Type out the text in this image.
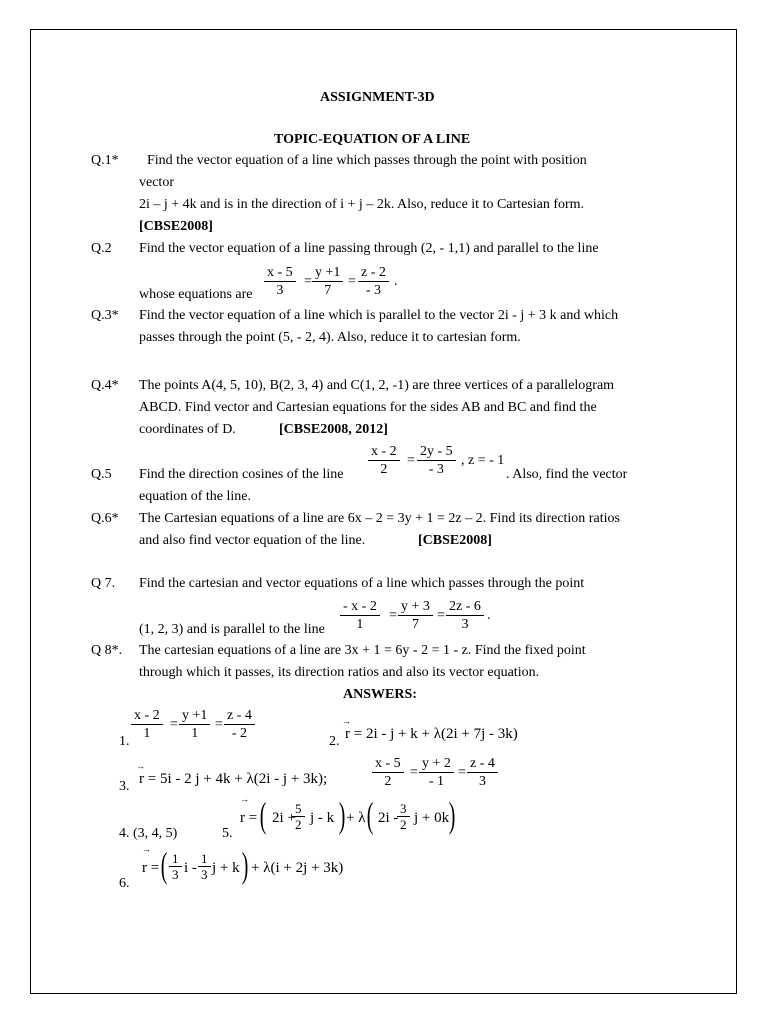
ASSIGNMENT-3D
TOPIC-EQUATION OF A LINE
Q.1* Find the vector equation of a line which passes through the point with position
vector
2i – j + 4k and is in the direction of i + j – 2k. Also, reduce it to Cartesian form.
[CBSE2008]
Q.2 Find the vector equation of a line passing through (2, - 1,1) and parallel to the line
$\frac{x - 5}{3} = \frac{y +1}{7} = \frac{z - 2}{- 3}$ .
whose equations are
Q.3* Find the vector equation of a line which is parallel to the vector 2i - j + 3 k and which
passes through the point (5, - 2, 4). Also, reduce it to cartesian form.
Q.4* The points A(4, 5, 10), B(2, 3, 4) and C(1, 2, -1) are three vertices of a parallelogram
ABCD. Find vector and Cartesian equations for the sides AB and BC and find the
coordinates of D.	[CBSE2008, 2012]
Q.5 Find the direction cosines of the line $\frac{x - 2}{2} = \frac{2y - 5}{- 3}$ , z = - 1
. Also, find the vector
equation of the line.
Q.6* The Cartesian equations of a line are 6x – 2 = 3y + 1 = 2z – 2. Find its direction ratios
and also find vector equation of the line.	[CBSE2008]
Q 7. Find the cartesian and vector equations of a line which passes through the point
$\frac{- x - 2}{1} = \frac{y + 3}{7} = \frac{2z - 6}{3}$ .
(1, 2, 3) and is parallel to the line
Q 8*. The cartesian equations of a line are 3x + 1 = 6y - 2 = 1 - z. Find the fixed point
through which it passes, its direction ratios and also its vector equation.
ANSWERS:
1. $\frac{x - 2}{1} = \frac{y +1}{1} = \frac{z - 4}{- 2}$	2.
→
r = 2i - j + k + λ(2i + 7j - 3k)
3.
→
r = 5i - 2 j + 4k + λ(2i - j + 3k);	$\frac{x - 5}{2} = \frac{y + 2}{- 1} = \frac{z - 4}{3}$
4. (3, 4, 5)	5.
→
r = ( 2i +
$\frac{5}{2}$ j - k ) + λ ( 2i -
$\frac{3}{2}$ j + 0k )
6.
→
r = ( $\frac{1}{3}$ i - $\frac{1}{3}$ j + k ) + λ(i + 2j + 3k)
